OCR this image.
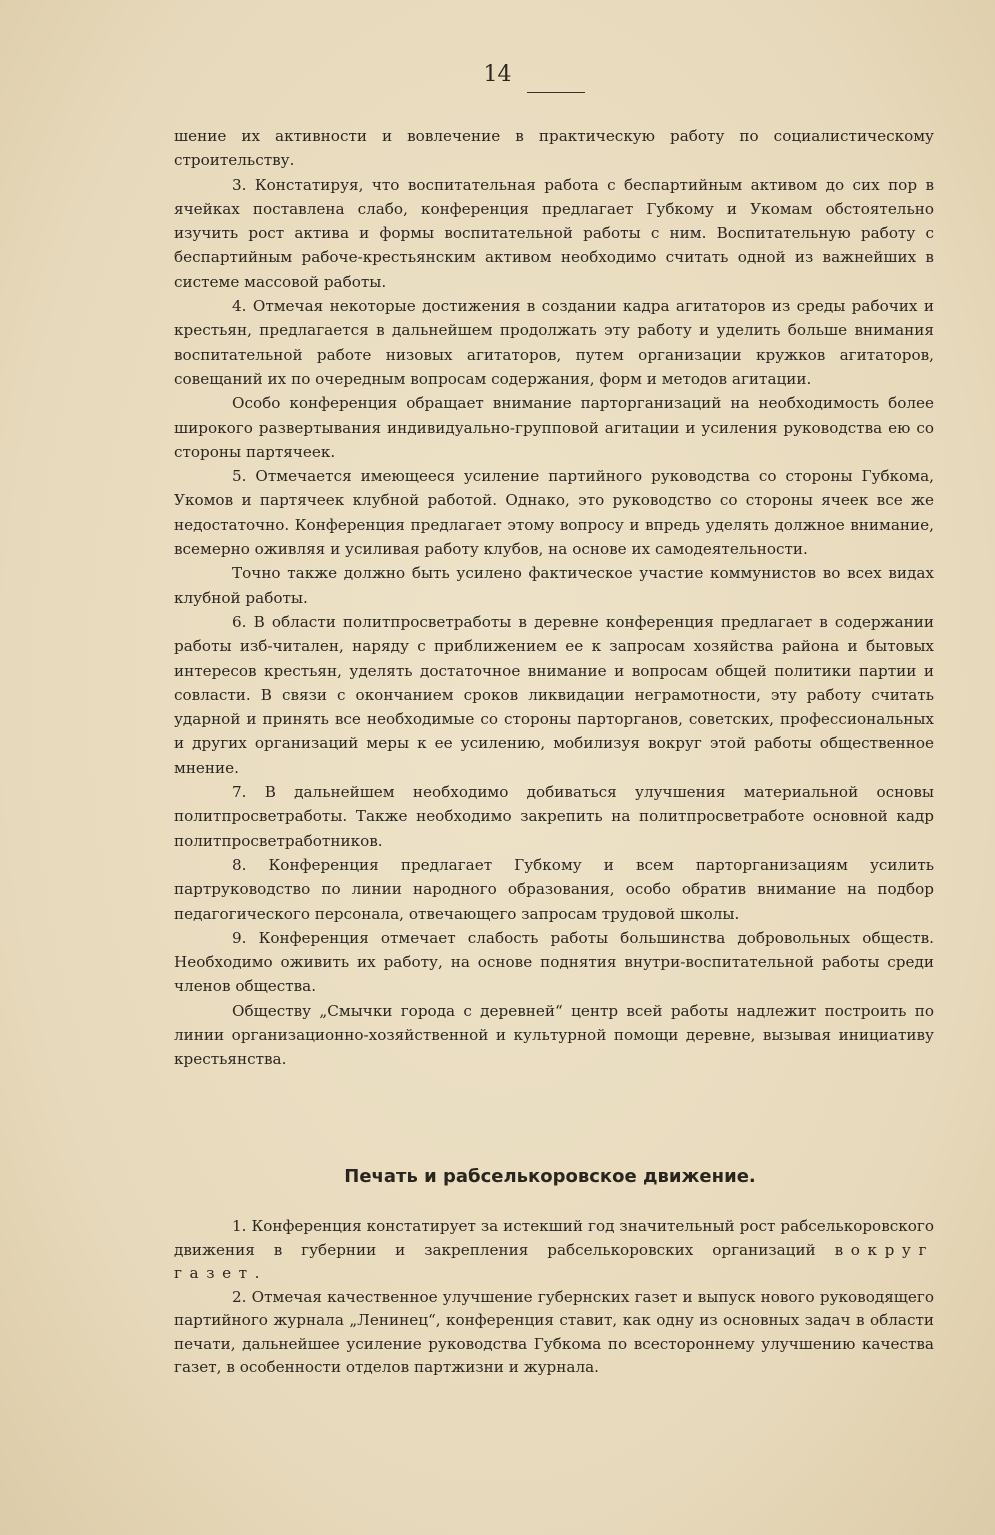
14

шение их активности и вовлечение в практическую работу по социалистическому строительству.

3. Констатируя, что воспитательная работа с беспартийным активом до сих пор в ячейках поставлена слабо, конференция предлагает Губкому и Укомам обстоятельно изучить рост актива и формы воспитательной работы с ним. Воспитательную работу с беспартийным рабоче-крестьянским активом необходимо считать одной из важнейших в системе массовой работы.

4. Отмечая некоторые достижения в создании кадра агитаторов из среды рабочих и крестьян, предлагается в дальнейшем продолжать эту работу и уделить больше внимания воспитательной работе низовых агитаторов, путем организации кружков агитаторов, совещаний их по очередным вопросам содержания, форм и методов агитации.

Особо конференция обращает внимание парторганизаций на необходимость более широкого развертывания индивидуально-групповой агитации и усиления руководства ею со стороны партячеек.

5. Отмечается имеющееся усиление партийного руководства со стороны Губкома, Укомов и партячеек клубной работой. Однако, это руководство со стороны ячеек все же недостаточно. Конференция предлагает этому вопросу и впредь уделять должное внимание, всемерно оживляя и усиливая работу клубов, на основе их самодеятельности.

Точно также должно быть усилено фактическое участие коммунистов во всех видах клубной работы.

6. В области политпросветработы в деревне конференция предлагает в содержании работы изб-читален, наряду с приближением ее к запросам хозяйства района и бытовых интересов крестьян, уделять достаточное внимание и вопросам общей политики партии и совласти. В связи с окончанием сроков ликвидации неграмотности, эту работу считать ударной и принять все необходимые со стороны парторганов, советских, профессиональных и других организаций меры к ее усилению, мобилизуя вокруг этой работы общественное мнение.

7. В дальнейшем необходимо добиваться улучшения материальной основы политпросветработы. Также необходимо закрепить на политпросветработе основной кадр политпросветработников.

8. Конференция предлагает Губкому и всем парторганизациям усилить партруководство по линии народного образования, особо обратив внимание на подбор педагогического персонала, отвечающего запросам трудовой школы.

9. Конференция отмечает слабость работы большинства добровольных обществ. Необходимо оживить их работу, на основе поднятия внутри-воспитательной работы среди членов общества.

Обществу „Смычки города с деревней“ центр всей работы надлежит построить по линии организационно-хозяйственной и культурной помощи деревне, вызывая инициативу крестьянства.

Печать и рабселькоровское движение.

1. Конференция констатирует за истекший год значительный рост рабселькоровского движения в губернии и закрепления рабселькоровских организаций вокруг газет.

2. Отмечая качественное улучшение губернских газет и выпуск нового руководящего партийного журнала „Ленинец“, конференция ставит, как одну из основных задач в области печати, дальнейшее усиление руководства Губкома по всестороннему улучшению качества газет, в особенности отделов партжизни и журнала.
